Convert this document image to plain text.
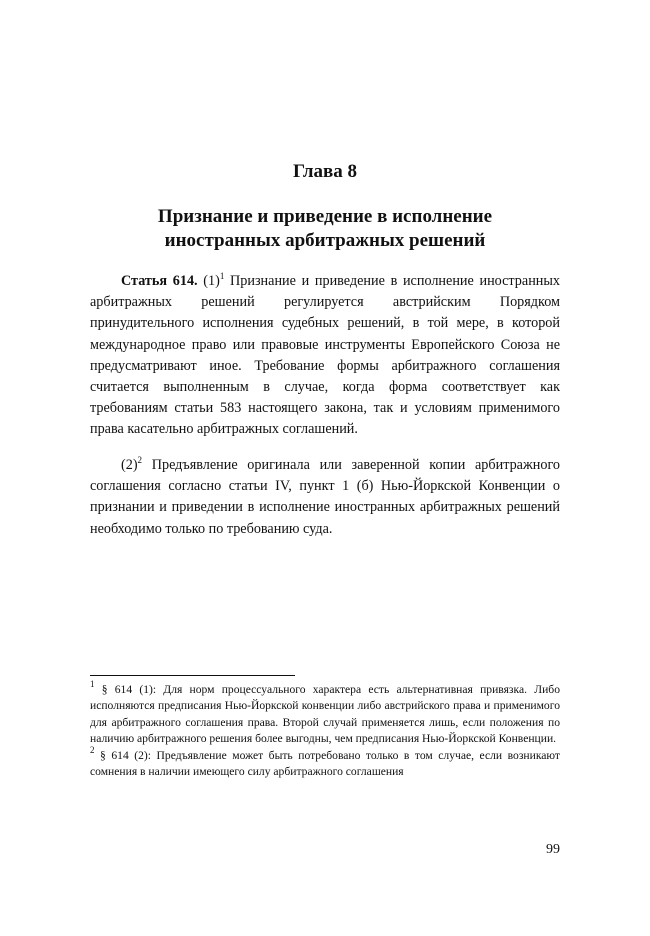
Глава 8
Признание и приведение в исполнение
иностранных арбитражных решений

Статья 614. $(1)^1$ Признание и приведение в исполнение иностранных арбитражных решений регулируется австрийским Порядком принудительного исполнения судебных решений, в той мере, в которой международное право или правовые инструменты Европейского Союза не предусматривают иное. Требование формы арбитражного соглашения считается выполненным в случае, когда форма соответствует как требованиям статьи 583 настоящего закона, так и условиям применимого права касательно арбитражных соглашений.

$(2)^2$ Предъявление оригинала или заверенной копии арбитражного соглашения согласно статьи IV, пункт 1 (б) Нью-Йоркской Конвенции о признании и приведении в исполнение иностранных арбитражных решений необходимо только по требованию суда.

$^1$ § 614 (1): Для норм процессуального характера есть альтернативная привязка. Либо исполняются предписания Нью-Йоркской конвенции либо австрийского права и применимого для арбитражного соглашения права. Второй случай применяется лишь, если положения по наличию арбитражного решения более выгодны, чем предписания Нью-Йоркской Конвенции.

$^2$ § 614 (2): Предъявление может быть потребовано только в том случае, если возникают сомнения в наличии имеющего силу арбитражного соглашения

99
